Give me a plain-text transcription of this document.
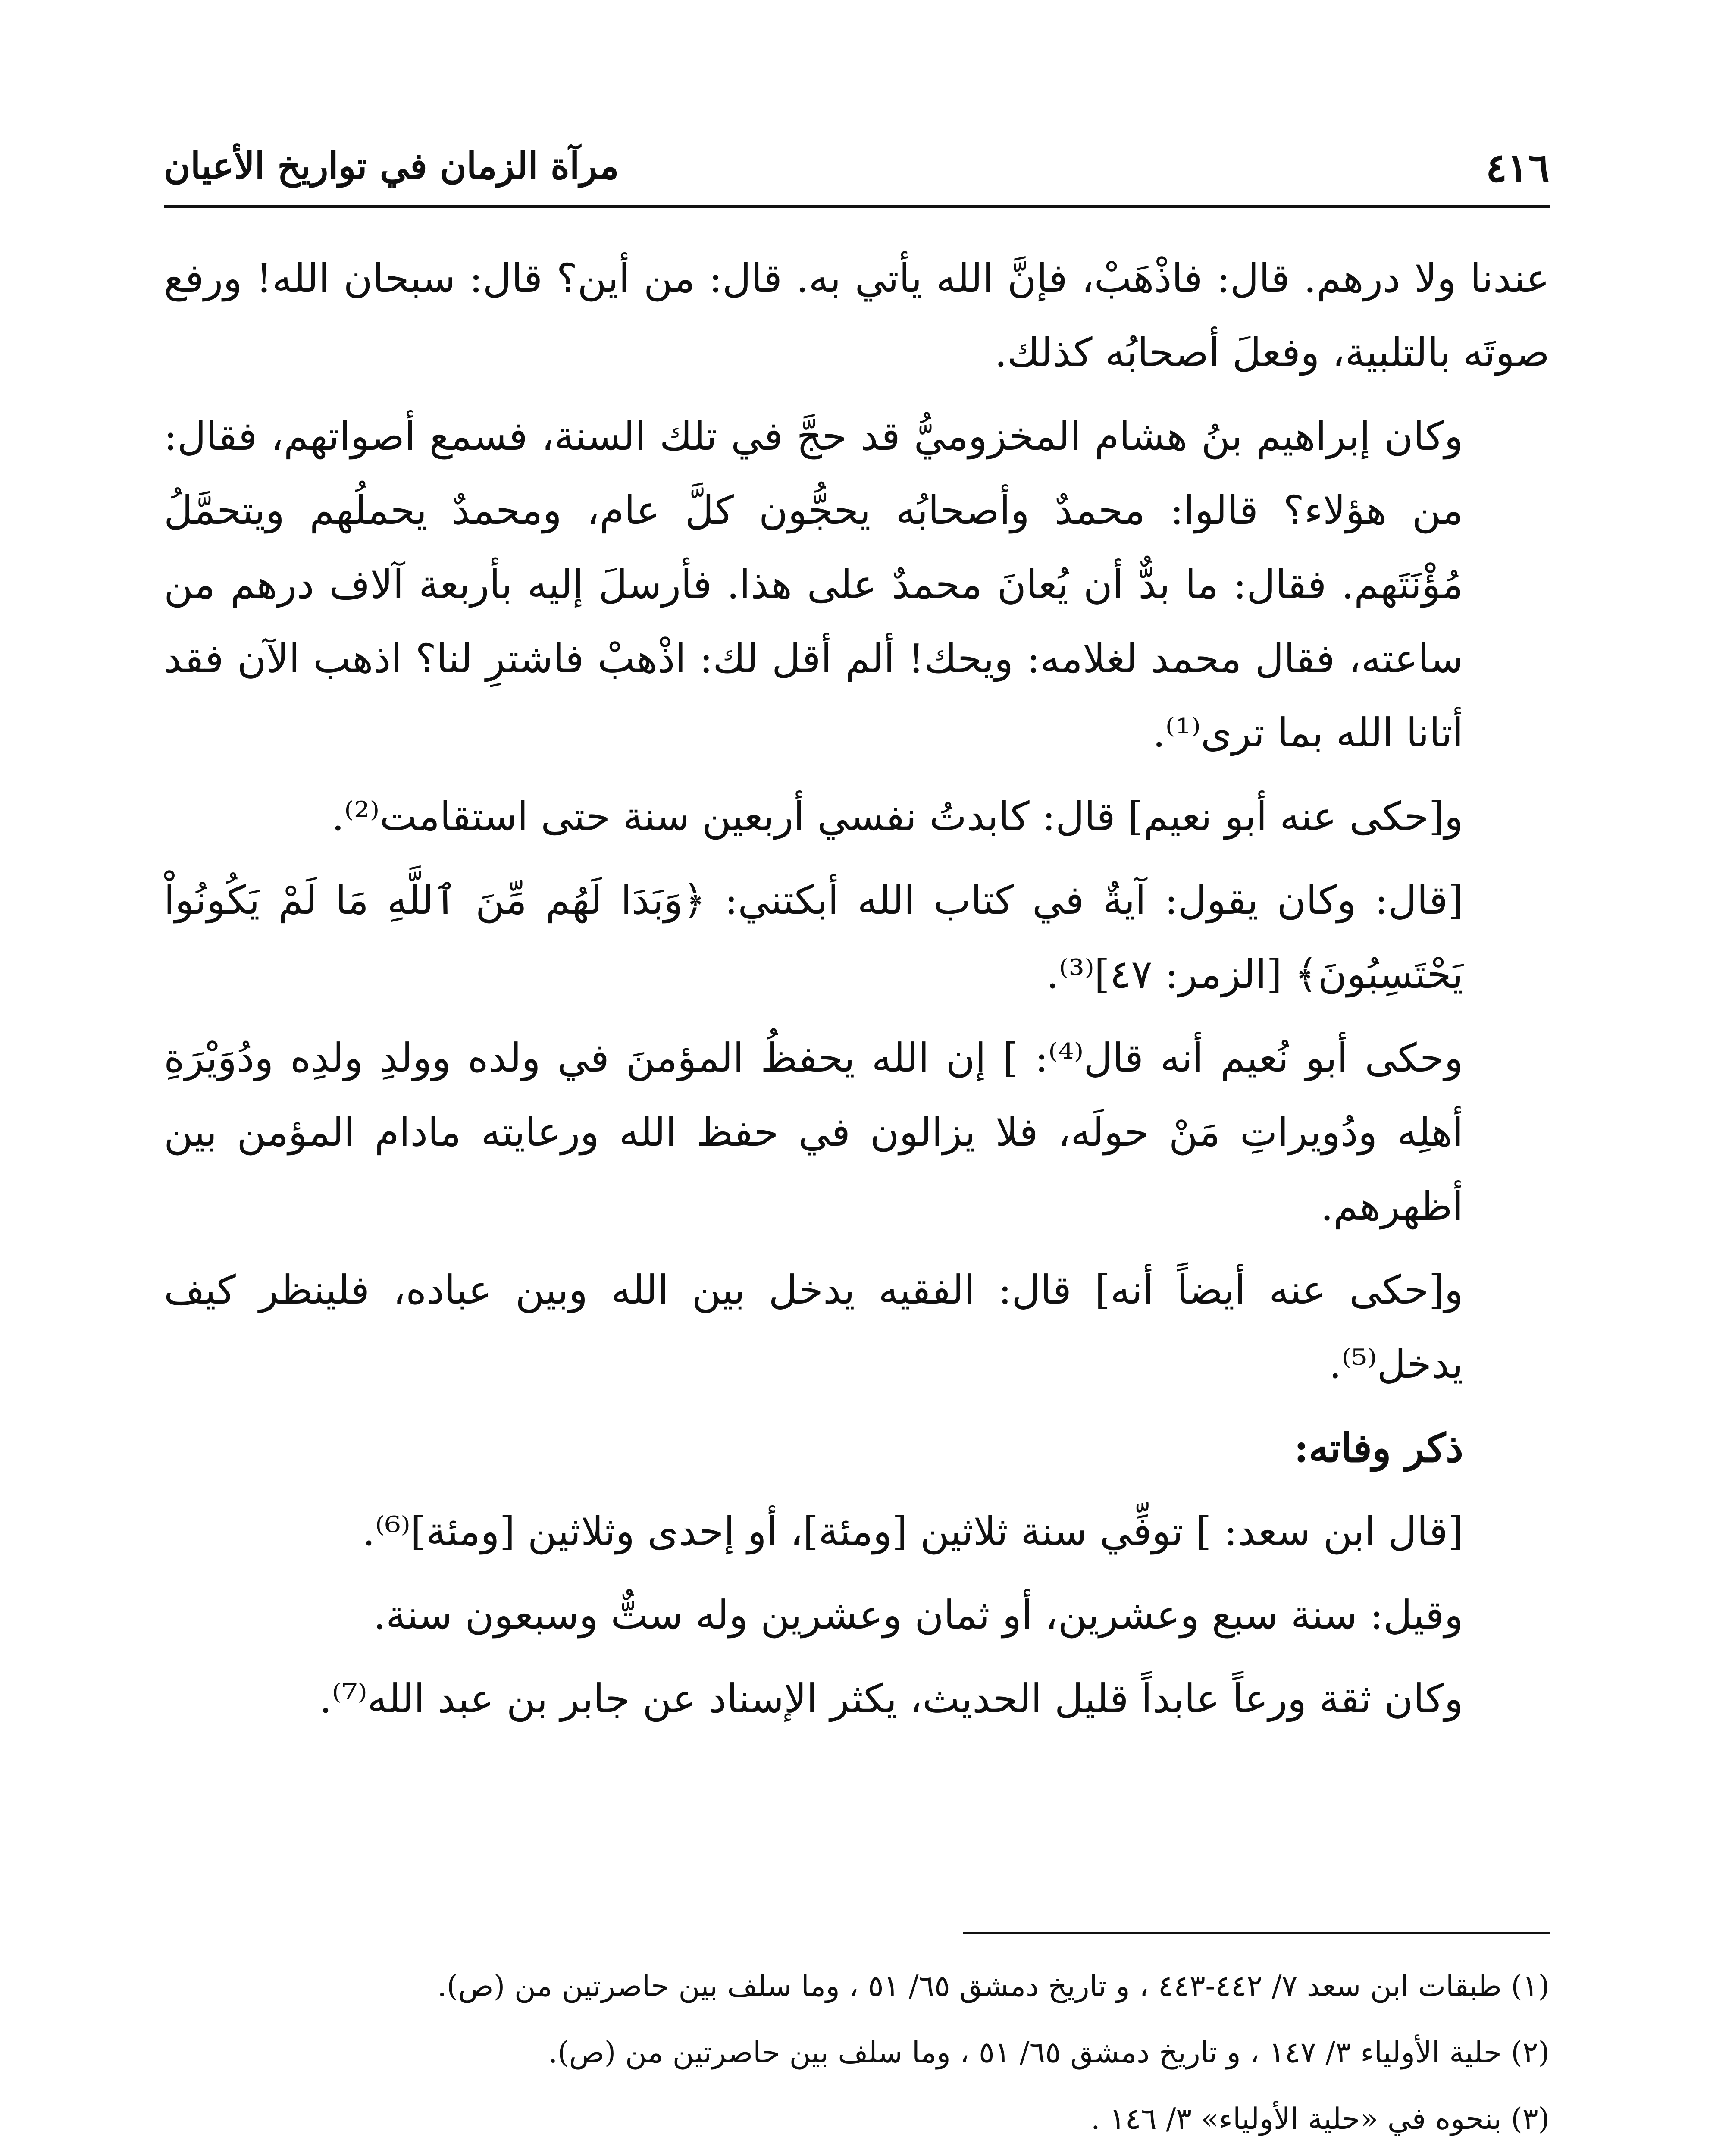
٤١٦
مرآة الزمان في تواريخ الأعيان

عندنا ولا درهم. قال: فاذْهَبْ، فإنَّ الله يأتي به. قال: من أين؟ قال: سبحان الله! ورفع صوتَه بالتلبية، وفعلَ أصحابُه كذلك.

وكان إبراهيم بنُ هشام المخزوميُّ قد حجَّ في تلك السنة، فسمع أصواتهم، فقال: من هؤلاء؟ قالوا: محمدٌ وأصحابُه يحجُّون كلَّ عام، ومحمدٌ يحملُهم ويتحمَّلُ مُؤْنَتَهم. فقال: ما بدٌّ أن يُعانَ محمدٌ على هذا. فأرسلَ إليه بأربعة آلاف درهم من ساعته، فقال محمد لغلامه: ويحك! ألم أقل لك: اذْهبْ فاشترِ لنا؟ اذهب الآن فقد أتانا الله بما ترى⁽¹⁾.

و[حكى عنه أبو نعيم] قال: كابدتُ نفسي أربعين سنة حتى استقامت⁽²⁾.

[قال: وكان يقول: آيةٌ في كتاب الله أبكتني: ﴿وَبَدَا لَهُم مِّنَ ٱللَّهِ مَا لَمْ يَكُونُواْ يَحْتَسِبُونَ﴾ [الزمر: ٤٧]⁽³⁾.

وحكى أبو نُعيم أنه قال⁽⁴⁾: ] إن الله يحفظُ المؤمنَ في ولده وولدِ ولدِه ودُوَيْرَةِ أهلِه ودُويراتِ مَنْ حولَه، فلا يزالون في حفظ الله ورعايته مادام المؤمن بين أظهرهم.

و[حكى عنه أيضاً أنه] قال: الفقيه يدخل بين الله وبين عباده، فلينظر كيف يدخل⁽⁵⁾.

ذكر وفاته:

[قال ابن سعد: ] توفِّي سنة ثلاثين [ومئة]، أو إحدى وثلاثين [ومئة]⁽⁶⁾.

وقيل: سنة سبع وعشرين، أو ثمان وعشرين وله ستٌّ وسبعون سنة.

وكان ثقة ورعاً عابداً قليل الحديث، يكثر الإسناد عن جابر بن عبد الله⁽⁷⁾.

(١) طبقات ابن سعد ٧/ ٤٤٢-٤٤٣ ، و تاريخ دمشق ٦٥/ ٥١ ، وما سلف بين حاصرتين من (ص).

(٢) حلية الأولياء ٣/ ١٤٧ ، و تاريخ دمشق ٦٥/ ٥١ ، وما سلف بين حاصرتين من (ص).

(٣) بنحوه في «حلية الأولياء» ٣/ ١٤٦ .
